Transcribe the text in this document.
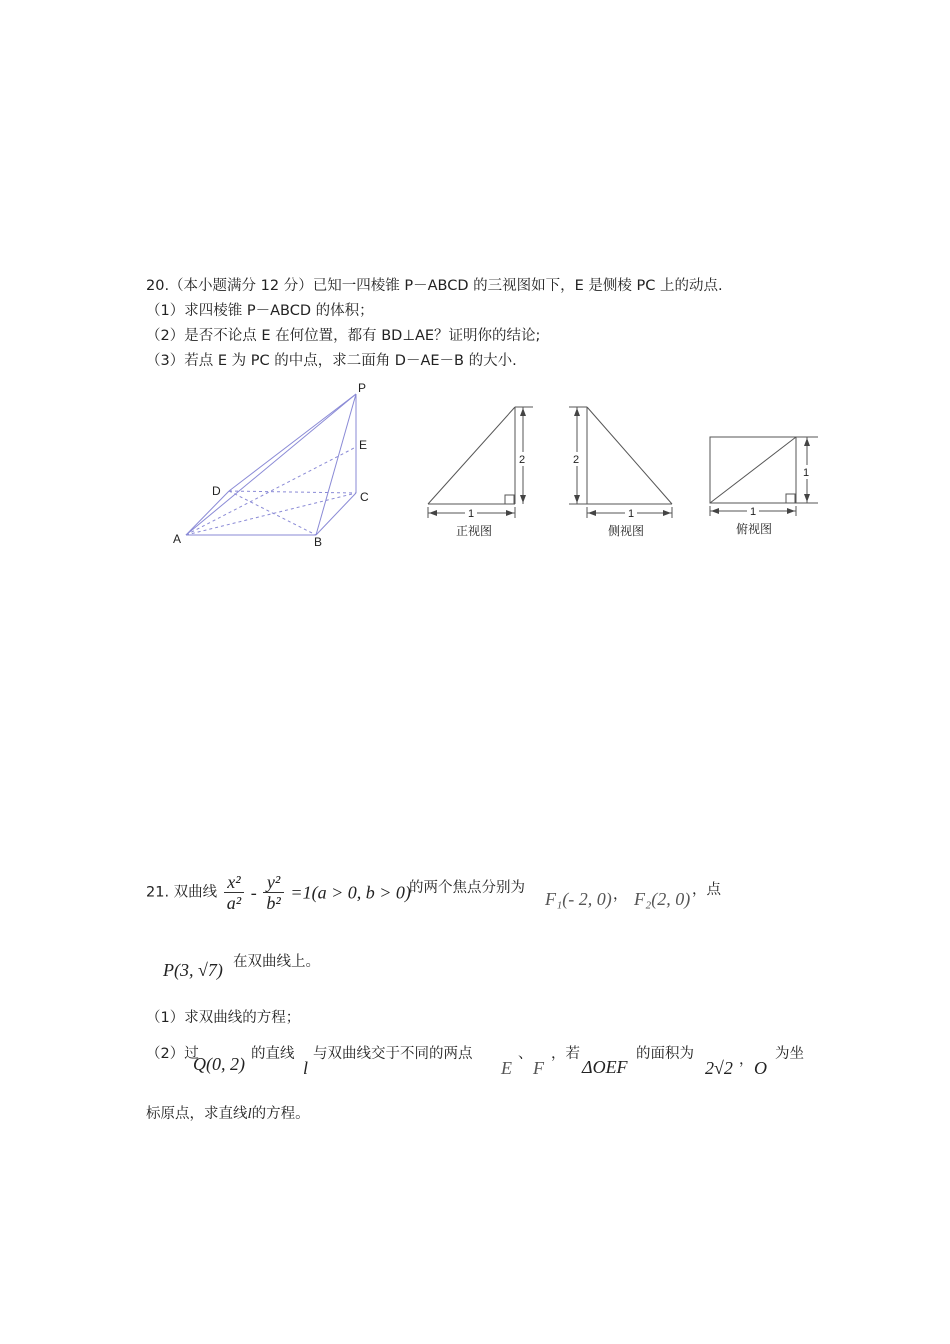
20.（本小题满分 12 分）已知一四棱锥 P－ABCD 的三视图如下，E 是侧棱 PC 上的动点.
（1）求四棱锥 P－ABCD 的体积；
（2）是否不论点 E 在何位置，都有 BD⊥AE？证明你的结论;
（3）若点 E 为 PC 的中点，求二面角 D－AE－B 的大小.
P
E
D	C
A	B
2
1
正视图
2
1
侧视图
1
1
俯视图
21. 双曲线 $\frac{\text{x²}}{\text{a²}} - \frac{\text{y²}}{\text{b²}} =1(a > 0$, b > 0)
的两个焦点分别为
F₁(- 2, 0) ， F₂(2, 0) ，点
P(3, √7) 在双曲线上。
（1）求双曲线的方程；
（2）过
Q(0, 2) 的直线
l
与双曲线交于不同的两点
E
、
F
，若
ΔOEF
的面积为
2√2 ， O
为坐
标原点，求直线l的方程。
